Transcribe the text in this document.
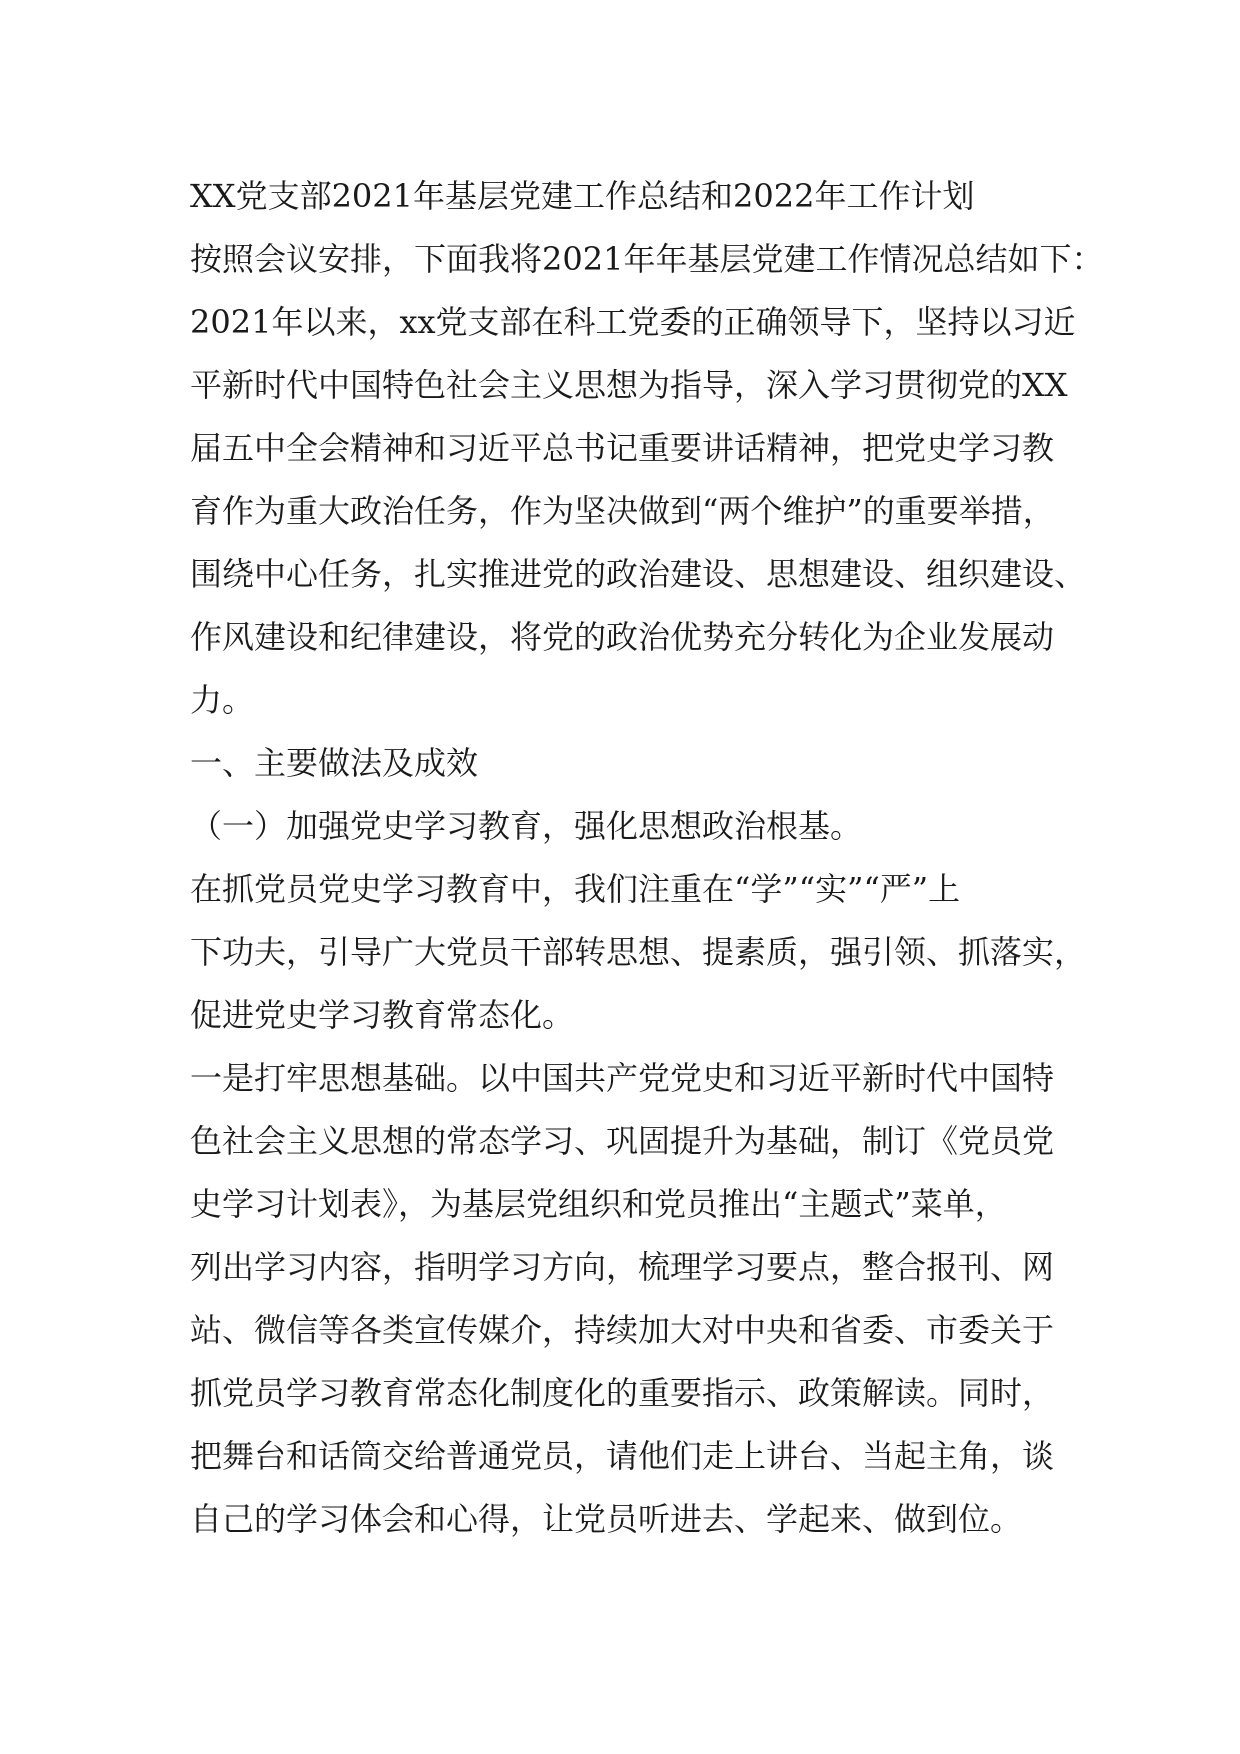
XX党支部2021年基层党建工作总结和2022年工作计划
按照会议安排，下面我将2021年年基层党建工作情况总结如下：
2021年以来，xx党支部在科工党委的正确领导下，坚持以习近
平新时代中国特色社会主义思想为指导，深入学习贯彻党的XX
届五中全会精神和习近平总书记重要讲话精神，把党史学习教
育作为重大政治任务，作为坚决做到“两个维护”的重要举措，
围绕中心任务，扎实推进党的政治建设、思想建设、组织建设、
作风建设和纪律建设，将党的政治优势充分转化为企业发展动
力。
一、主要做法及成效
（一）加强党史学习教育，强化思想政治根基。
在抓党员党史学习教育中，我们注重在“学”“实”“严”上
下功夫，引导广大党员干部转思想、提素质，强引领、抓落实，
促进党史学习教育常态化。
一是打牢思想基础。以中国共产党党史和习近平新时代中国特
色社会主义思想的常态学习、巩固提升为基础，制订《党员党
史学习计划表》，为基层党组织和党员推出“主题式”菜单，
列出学习内容，指明学习方向，梳理学习要点，整合报刊、网
站、微信等各类宣传媒介，持续加大对中央和省委、市委关于
抓党员学习教育常态化制度化的重要指示、政策解读。同时，
把舞台和话筒交给普通党员，请他们走上讲台、当起主角，谈
自己的学习体会和心得，让党员听进去、学起来、做到位。
